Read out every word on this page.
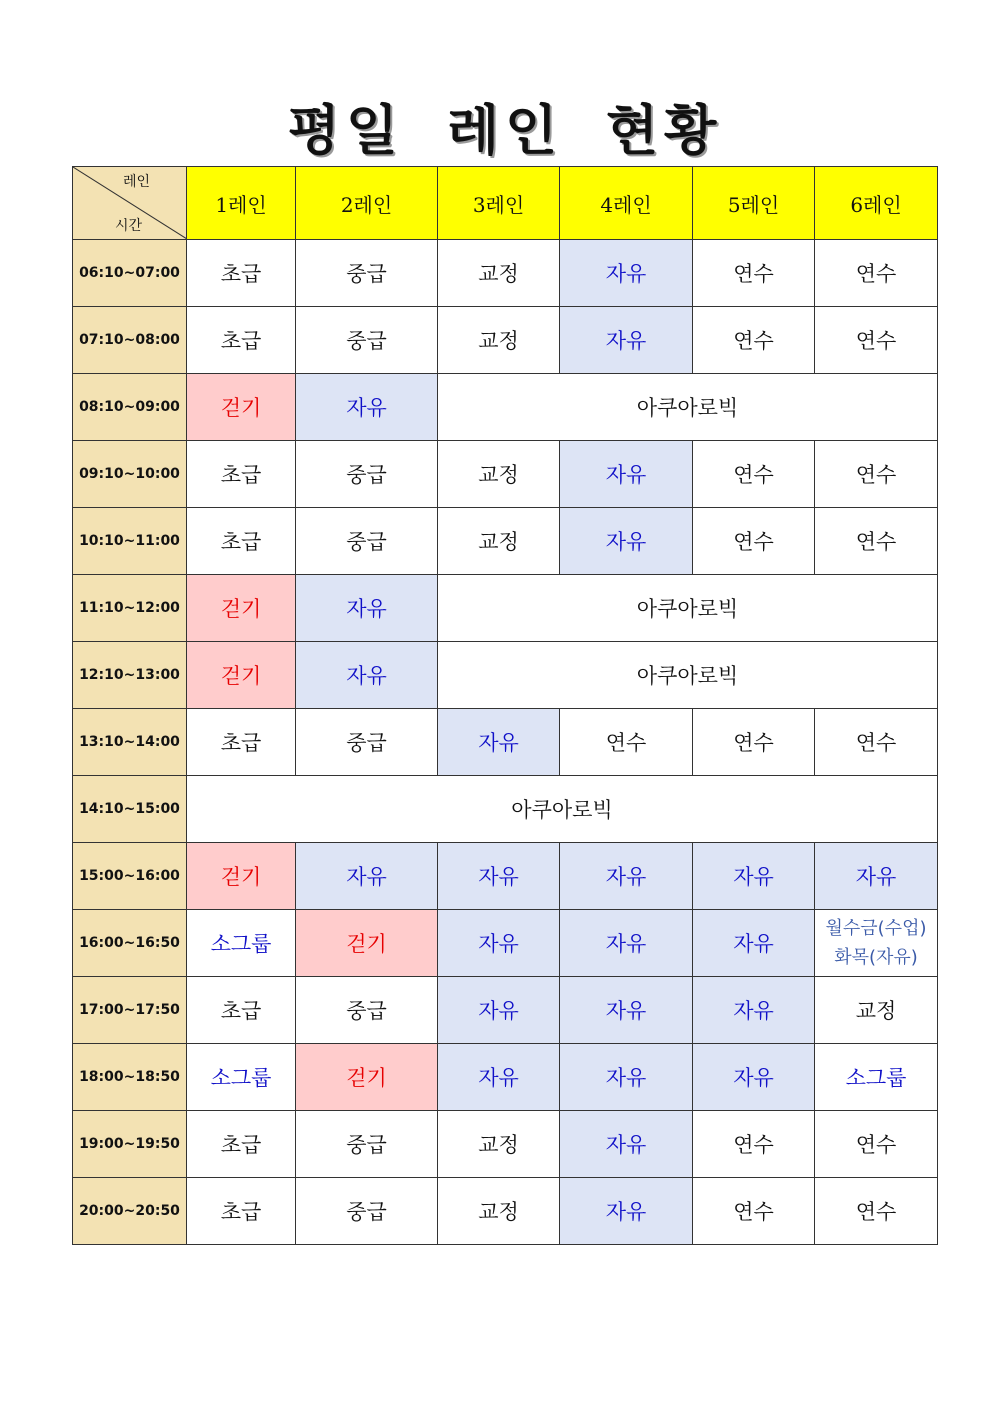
평일 레인 현황
레인
시간	1레인	2레인	3레인	4레인	5레인	6레인
06:10~07:00	초급	중급	교정	자유	연수	연수
07:10~08:00	초급	중급	교정	자유	연수	연수
08:10~09:00	걷기	자유	아쿠아로빅			
09:10~10:00	초급	중급	교정	자유	연수	연수
10:10~11:00	초급	중급	교정	자유	연수	연수
11:10~12:00	걷기	자유	아쿠아로빅			
12:10~13:00	걷기	자유	아쿠아로빅			
13:10~14:00	초급	중급	자유	연수	연수	연수
14:10~15:00	아쿠아로빅					
15:00~16:00	걷기	자유	자유	자유	자유	자유
16:00~16:50	소그룹	걷기	자유	자유	자유	월수금(수업)
화목(자유)

17:00~17:50	초급	중급	자유	자유	자유	교정
18:00~18:50	소그룹	걷기	자유	자유	자유	소그룹
19:00~19:50	초급	중급	교정	자유	연수	연수
20:00~20:50	초급	중급	교정	자유	연수	연수
